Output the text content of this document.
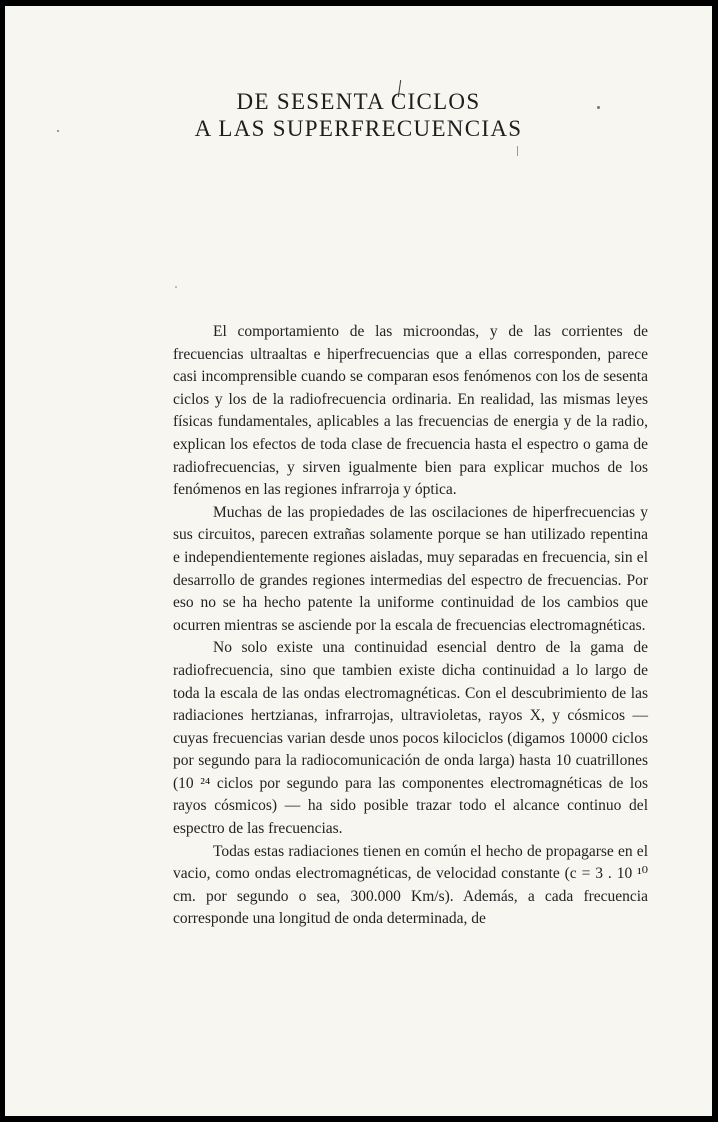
DE SESENTA CICLOS
A LAS SUPERFRECUENCIAS

El comportamiento de las microondas, y de las corrientes de frecuencias ultraaltas e hiperfrecuencias que a ellas corresponden, parece casi incomprensible cuando se comparan esos fenómenos con los de sesenta ciclos y los de la radiofrecuencia ordinaria. En realidad, las mismas leyes físicas fundamentales, aplicables a las frecuencias de energia y de la radio, explican los efectos de toda clase de frecuencia hasta el espectro o gama de radiofrecuencias, y sirven igualmente bien para explicar muchos de los fenómenos en las regiones infrarroja y óptica.

Muchas de las propiedades de las oscilaciones de hiperfrecuencias y sus circuitos, parecen extrañas solamente porque se han utilizado repentina e independientemente regiones aisladas, muy separadas en frecuencia, sin el desarrollo de grandes regiones intermedias del espectro de frecuencias. Por eso no se ha hecho patente la uniforme continuidad de los cambios que ocurren mientras se asciende por la escala de frecuencias electromagnéticas.

No solo existe una continuidad esencial dentro de la gama de radiofrecuencia, sino que tambien existe dicha continuidad a lo largo de toda la escala de las ondas electromagnéticas. Con el descubrimiento de las radiaciones hertzianas, infrarrojas, ultravioletas, rayos X, y cósmicos — cuyas frecuencias varian desde unos pocos kilociclos (digamos 10000 ciclos por segundo para la radiocomunicación de onda larga) hasta 10 cuatrillones (10 ²⁴ ciclos por segundo para las componentes electromagnéticas de los rayos cósmicos) — ha sido posible trazar todo el alcance continuo del espectro de las frecuencias.

Todas estas radiaciones tienen en común el hecho de propagarse en el vacio, como ondas electromagnéticas, de velocidad constante (c = 3 . 10 ¹⁰ cm. por segundo o sea, 300.000 Km/s). Además, a cada frecuencia corresponde una longitud de onda determinada, de
